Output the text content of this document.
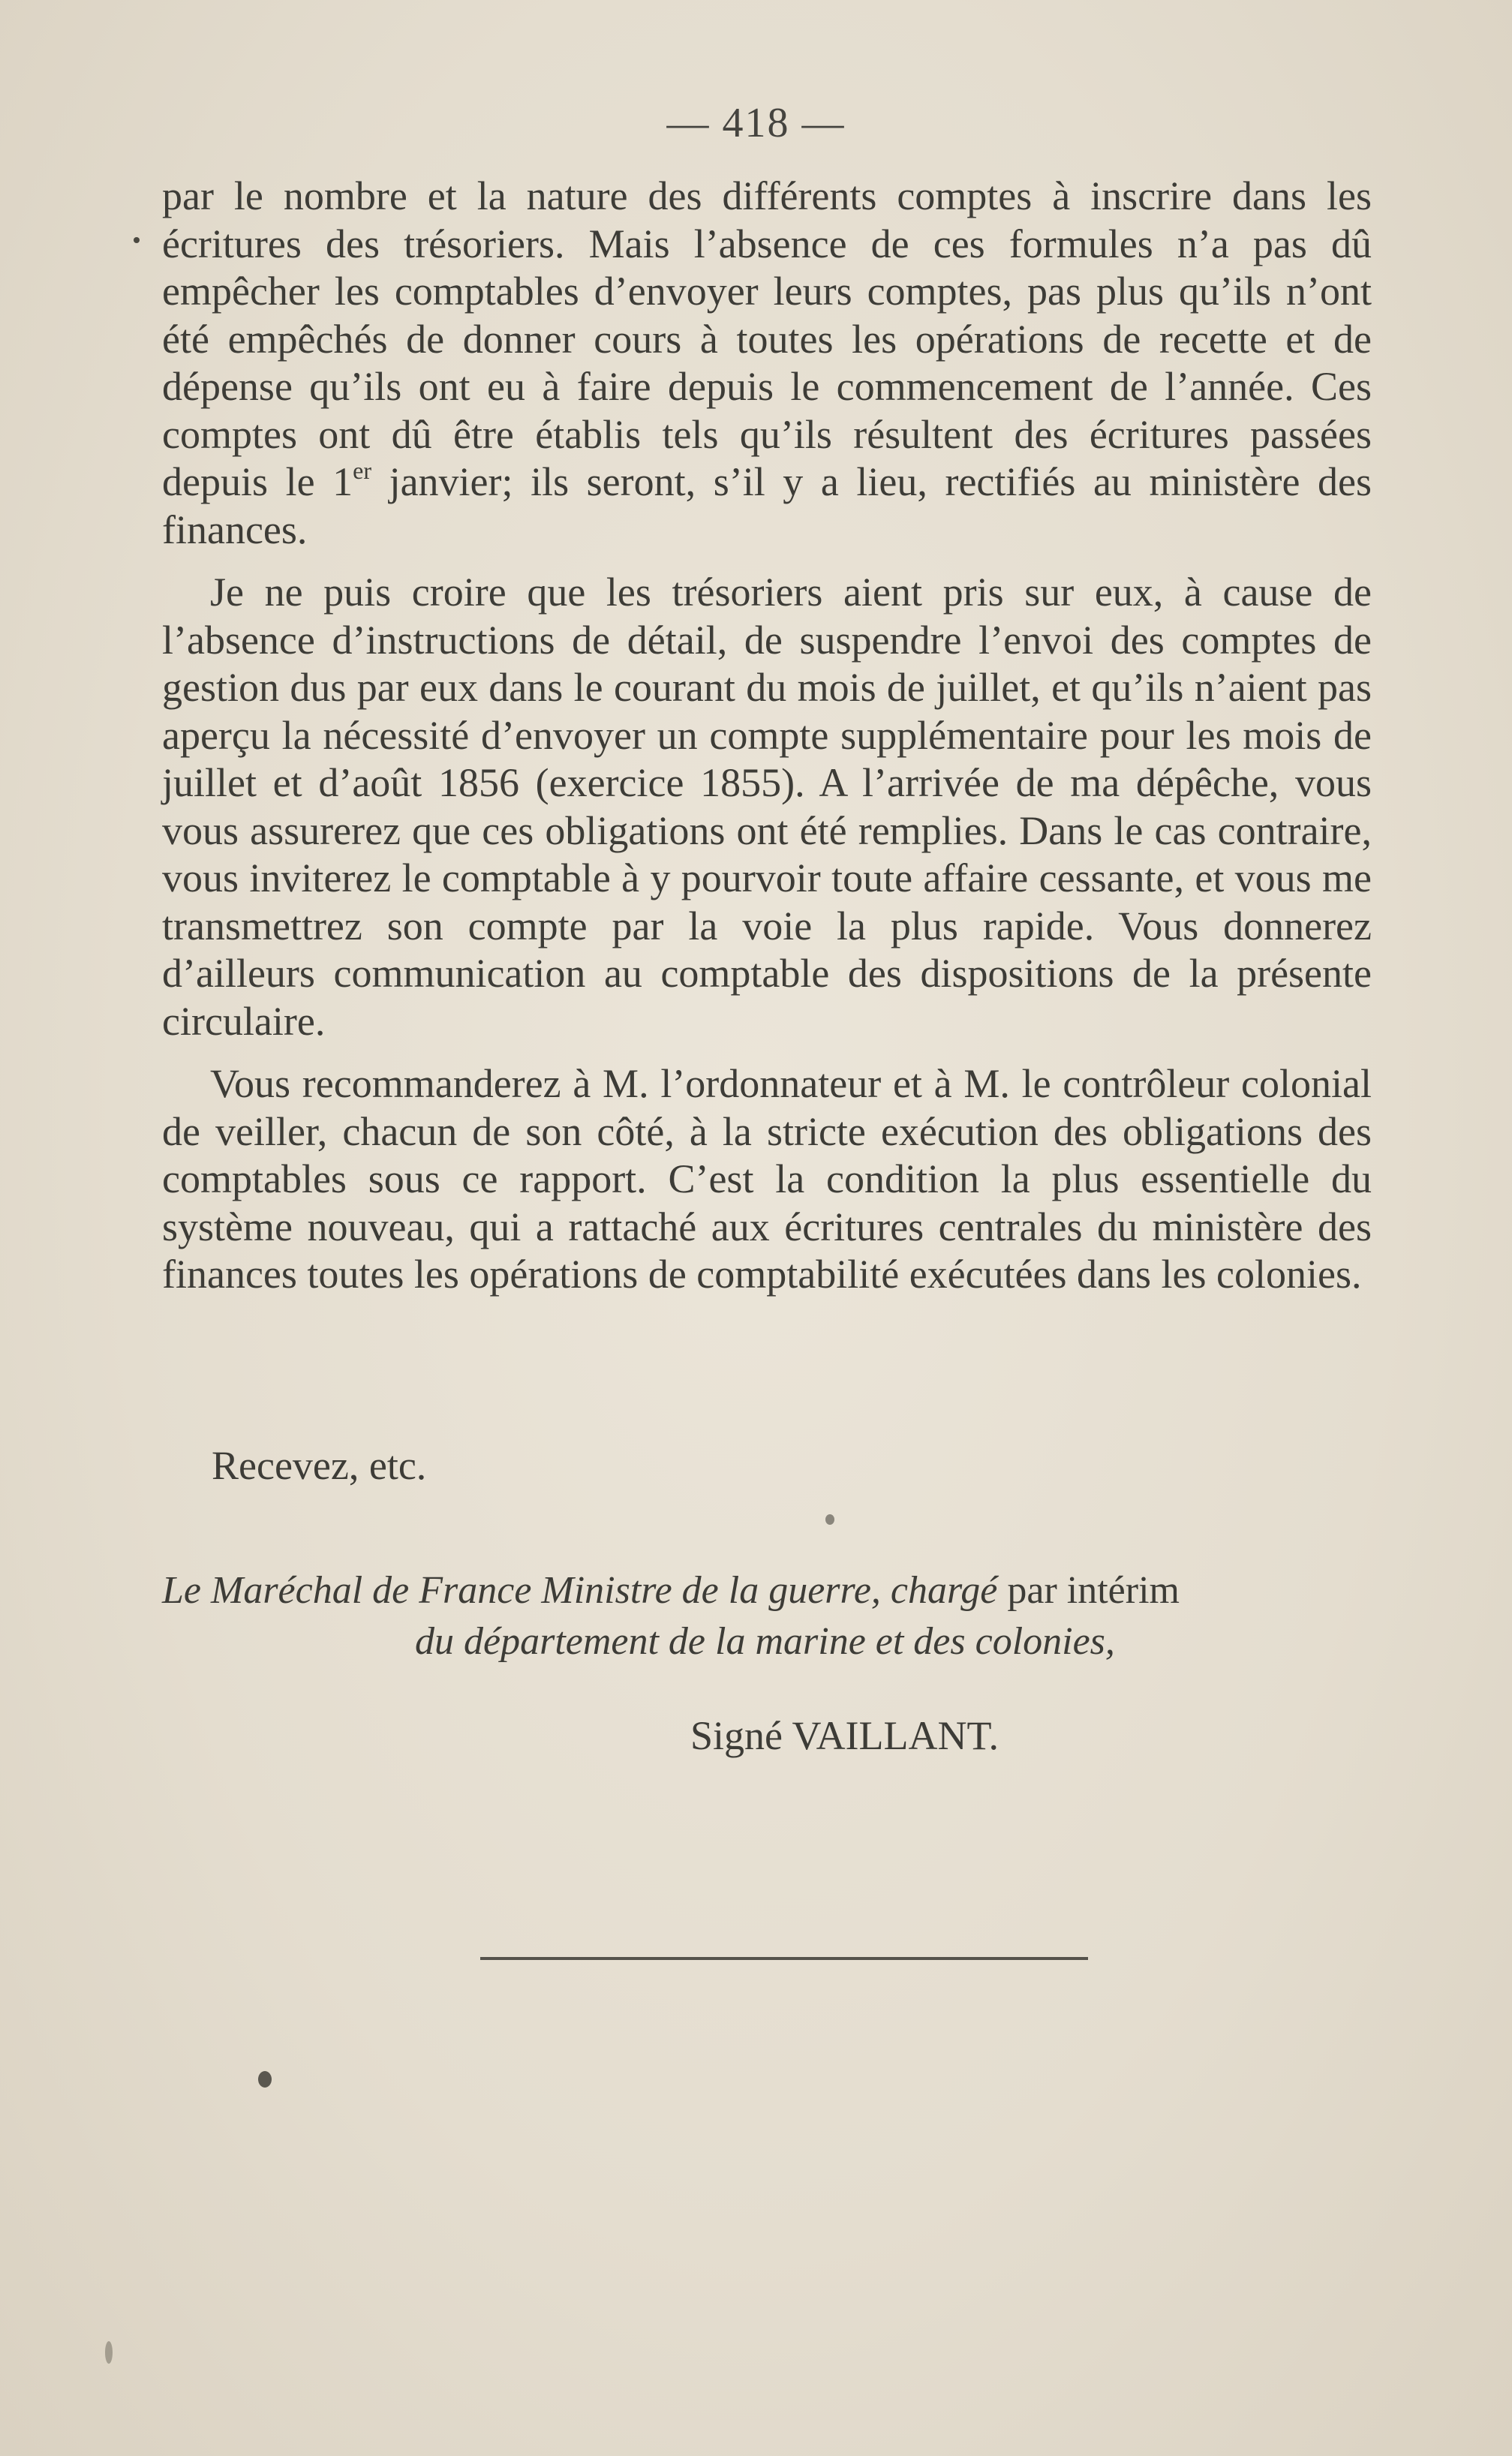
— 418 —

par le nombre et la nature des différents comptes à inscrire dans les écritures des trésoriers. Mais l’absence de ces formules n’a pas dû empêcher les comptables d’envoyer leurs comptes, pas plus qu’ils n’ont été empêchés de donner cours à toutes les opérations de recette et de dépense qu’ils ont eu à faire depuis le commencement de l’année. Ces comptes ont dû être établis tels qu’ils résultent des écritures passées depuis le 1er janvier; ils seront, s’il y a lieu, rectifiés au ministère des finances.

Je ne puis croire que les trésoriers aient pris sur eux, à cause de l’absence d’instructions de détail, de suspendre l’envoi des comptes de gestion dus par eux dans le courant du mois de juillet, et qu’ils n’aient pas aperçu la nécessité d’envoyer un compte supplémentaire pour les mois de juillet et d’août 1856 (exercice 1855). A l’arrivée de ma dépêche, vous vous assurerez que ces obligations ont été remplies. Dans le cas contraire, vous inviterez le comptable à y pourvoir toute affaire cessante, et vous me transmettrez son compte par la voie la plus rapide. Vous donnerez d’ailleurs communication au comptable des dispositions de la présente circulaire.

Vous recommanderez à M. l’ordonnateur et à M. le contrôleur colonial de veiller, chacun de son côté, à la stricte exécution des obligations des comptables sous ce rapport. C’est la condition la plus essentielle du système nouveau, qui a rattaché aux écritures centrales du ministère des finances toutes les opérations de comptabilité exécutées dans les colonies.

Recevez, etc.
Le Maréchal de France Ministre de la guerre, chargé par intérim
du département de la marine et des colonies,
Signé VAILLANT.
